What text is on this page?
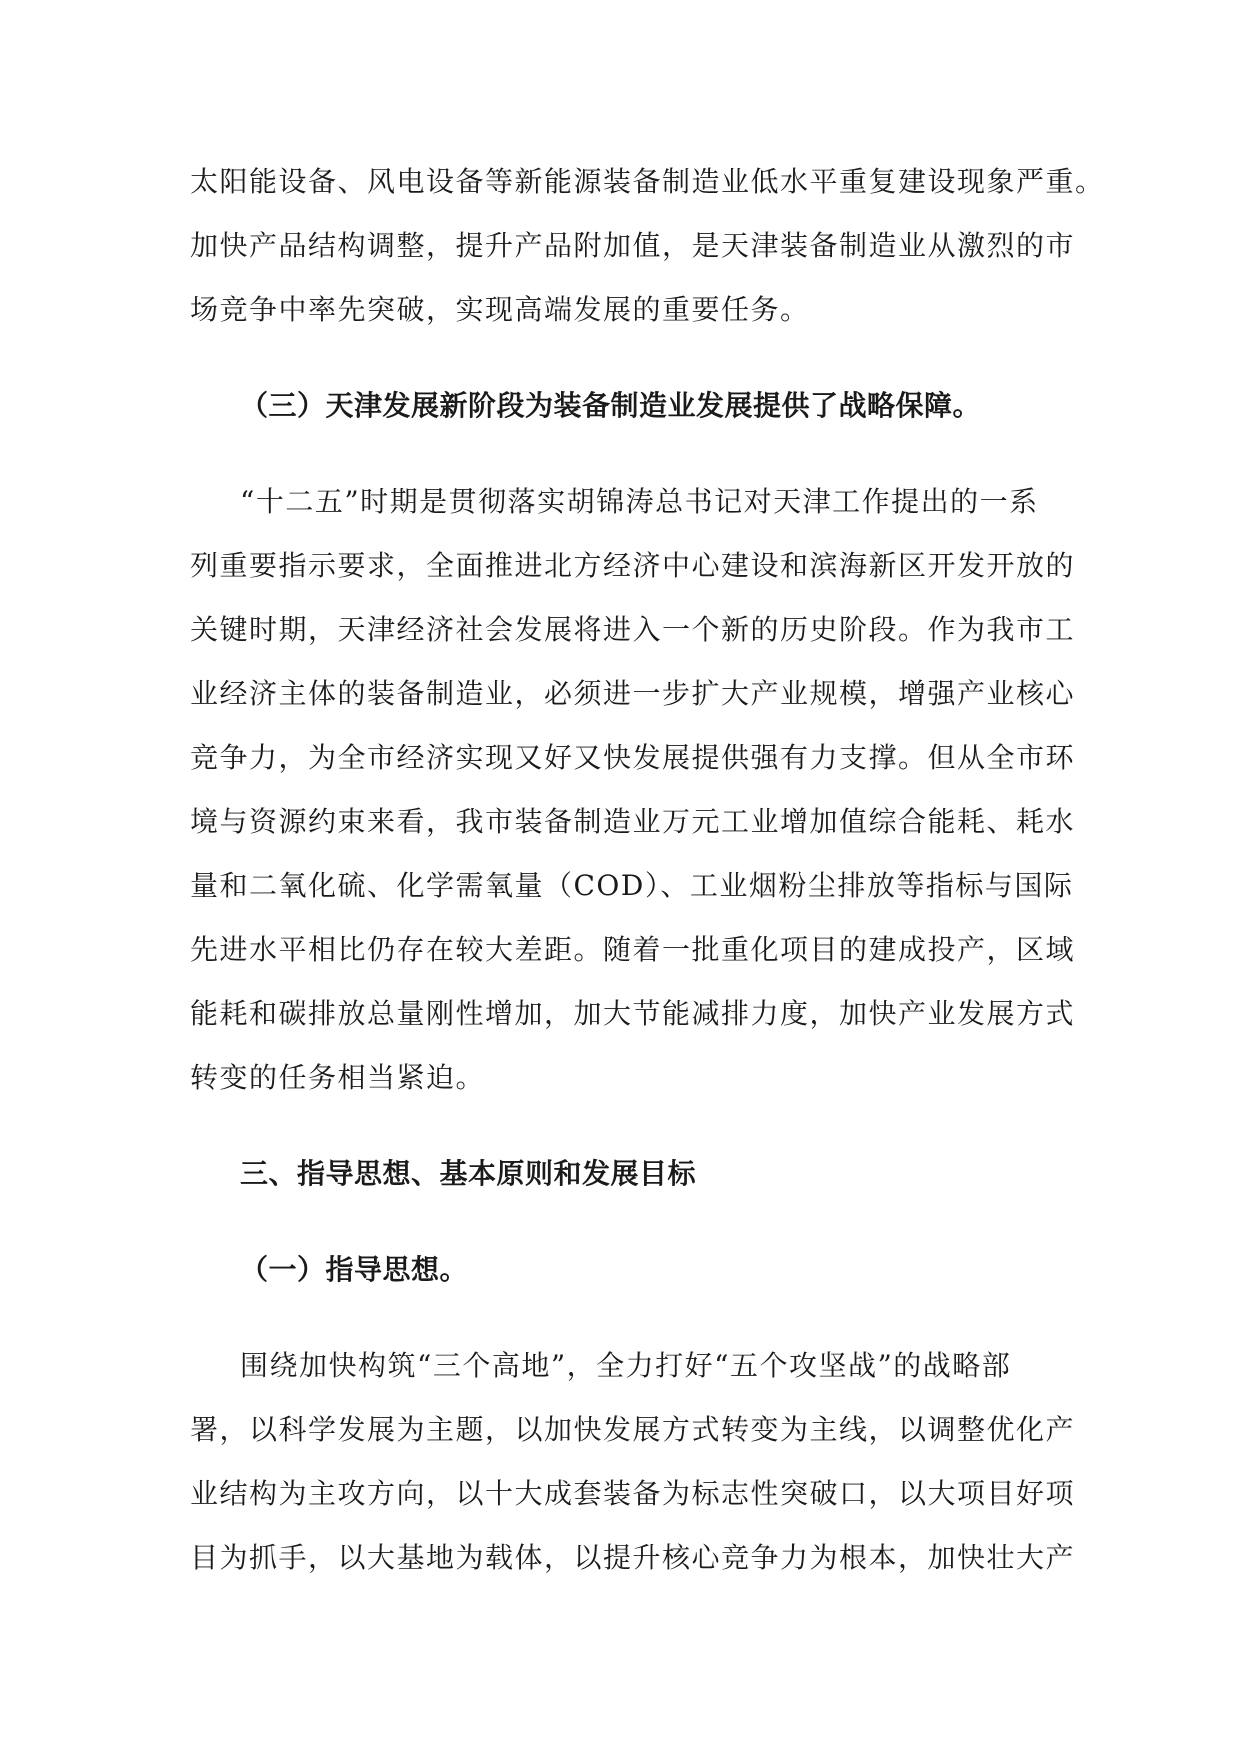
太阳能设备、风电设备等新能源装备制造业低水平重复建设现象严重。
加快产品结构调整，提升产品附加值，是天津装备制造业从激烈的市
场竞争中率先突破，实现高端发展的重要任务。
（三）天津发展新阶段为装备制造业发展提供了战略保障。
“十二五”时期是贯彻落实胡锦涛总书记对天津工作提出的一系
列重要指示要求，全面推进北方经济中心建设和滨海新区开发开放的
关键时期，天津经济社会发展将进入一个新的历史阶段。作为我市工
业经济主体的装备制造业，必须进一步扩大产业规模，增强产业核心
竞争力，为全市经济实现又好又快发展提供强有力支撑。但从全市环
境与资源约束来看，我市装备制造业万元工业增加值综合能耗、耗水
量和二氧化硫、化学需氧量（COD）、工业烟粉尘排放等指标与国际
先进水平相比仍存在较大差距。随着一批重化项目的建成投产，区域
能耗和碳排放总量刚性增加，加大节能减排力度，加快产业发展方式
转变的任务相当紧迫。
三、指导思想、基本原则和发展目标
（一）指导思想。
围绕加快构筑“三个高地”，全力打好“五个攻坚战”的战略部
署，以科学发展为主题，以加快发展方式转变为主线，以调整优化产
业结构为主攻方向，以十大成套装备为标志性突破口，以大项目好项
目为抓手，以大基地为载体，以提升核心竞争力为根本，加快壮大产
